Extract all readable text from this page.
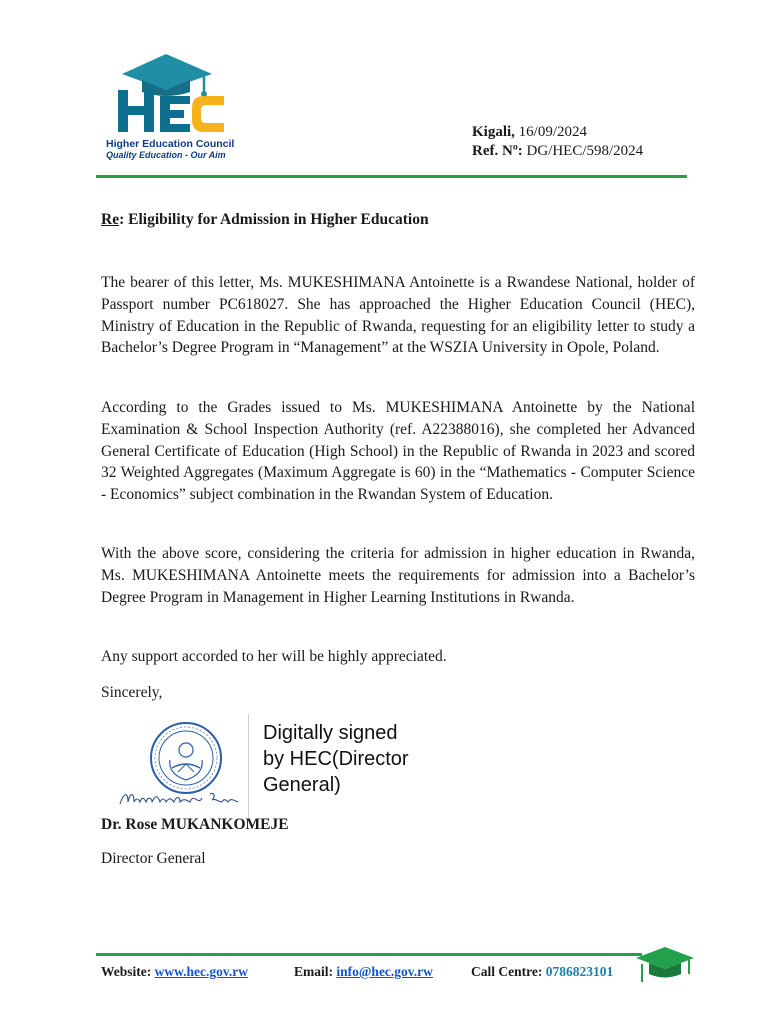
Higher Education Council
Quality Education - Our Aim
Kigali, 16/09/2024
Ref. Nº: DG/HEC/598/2024
Re: Eligibility for Admission in Higher Education

The bearer of this letter, Ms. MUKESHIMANA Antoinette is a Rwandese National, holder of Passport number PC618027. She has approached the Higher Education Council (HEC), Ministry of Education in the Republic of Rwanda, requesting for an eligibility letter to study a Bachelor’s Degree Program in “Management” at the WSZIA University in Opole, Poland.

According to the Grades issued to Ms. MUKESHIMANA Antoinette by the National Examination & School Inspection Authority (ref. A22388016), she completed her Advanced General Certificate of Education (High School) in the Republic of Rwanda in 2023 and scored 32 Weighted Aggregates (Maximum Aggregate is 60) in the “Mathematics - Computer Science - Economics” subject combination in the Rwandan System of Education.

With the above score, considering the criteria for admission in higher education in Rwanda, Ms. MUKESHIMANA Antoinette meets the requirements for admission into a Bachelor’s Degree Program in Management in Higher Learning Institutions in Rwanda.

Any support accorded to her will be highly appreciated.

Sincerely,

Digitally signed
by HEC(Director
General)
Dr. Rose MUKANKOMEJE
Director General
Website: www.hec.gov.rw	Email: info@hec.gov.rw	Call Centre: 0786823101
